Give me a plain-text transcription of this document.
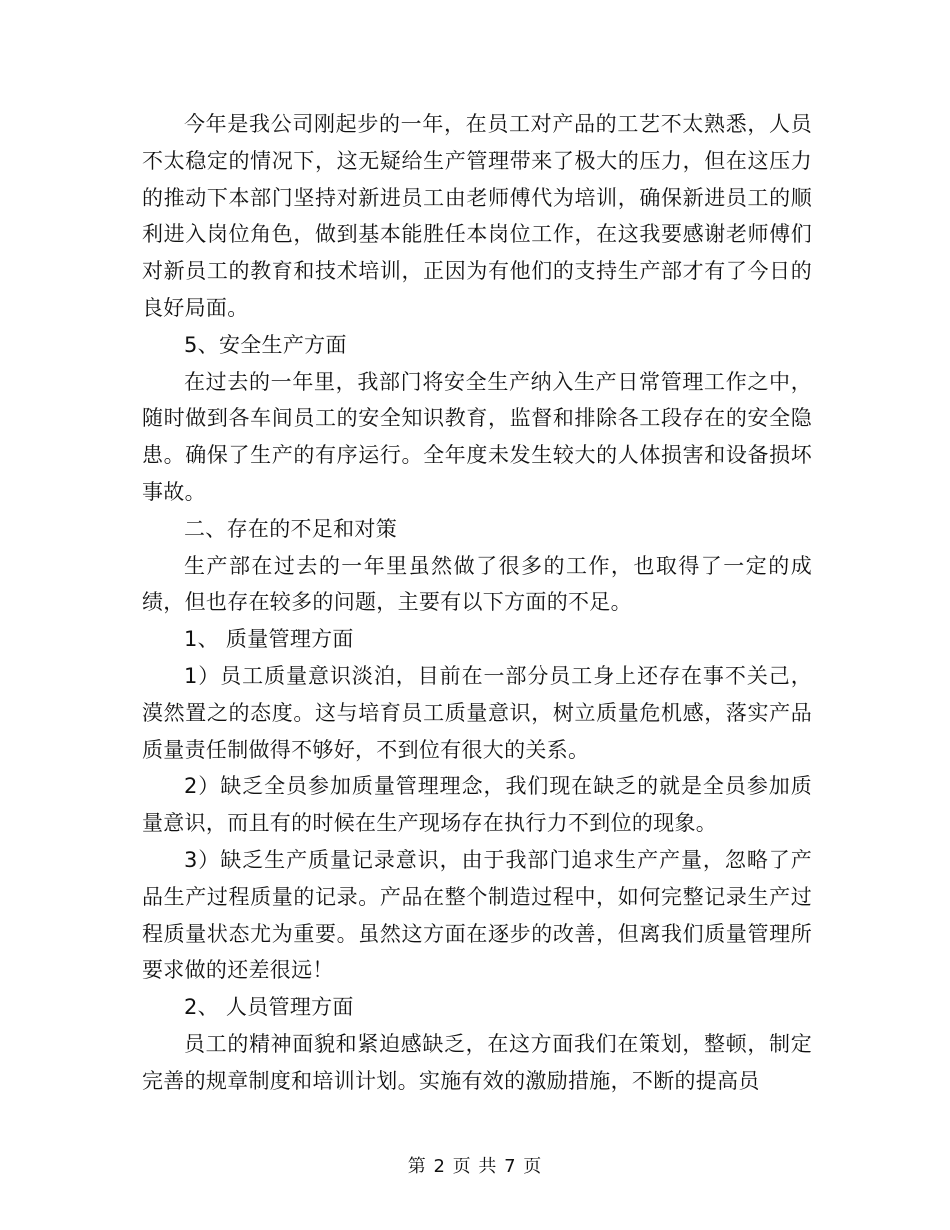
今年是我公司刚起步的一年，在员工对产品的工艺不太熟悉，人员不太稳定的情况下，这无疑给生产管理带来了极大的压力，但在这压力的推动下本部门坚持对新进员工由老师傅代为培训，确保新进员工的顺利进入岗位角色，做到基本能胜任本岗位工作，在这我要感谢老师傅们对新员工的教育和技术培训，正因为有他们的支持生产部才有了今日的良好局面。

5、安全生产方面

在过去的一年里，我部门将安全生产纳入生产日常管理工作之中，随时做到各车间员工的安全知识教育，监督和排除各工段存在的安全隐患。确保了生产的有序运行。全年度未发生较大的人体损害和设备损坏事故。

二、存在的不足和对策

生产部在过去的一年里虽然做了很多的工作，也取得了一定的成绩，但也存在较多的问题，主要有以下方面的不足。

1、 质量管理方面

1）员工质量意识淡泊，目前在一部分员工身上还存在事不关己，漠然置之的态度。这与培育员工质量意识，树立质量危机感，落实产品质量责任制做得不够好，不到位有很大的关系。

2）缺乏全员参加质量管理理念，我们现在缺乏的就是全员参加质量意识，而且有的时候在生产现场存在执行力不到位的现象。

3）缺乏生产质量记录意识，由于我部门追求生产产量，忽略了产品生产过程质量的记录。产品在整个制造过程中，如何完整记录生产过程质量状态尤为重要。虽然这方面在逐步的改善，但离我们质量管理所要求做的还差很远！

2、 人员管理方面

员工的精神面貌和紧迫感缺乏，在这方面我们在策划，整顿，制定完善的规章制度和培训计划。实施有效的激励措施，不断的提高员

第 2 页 共 7 页
